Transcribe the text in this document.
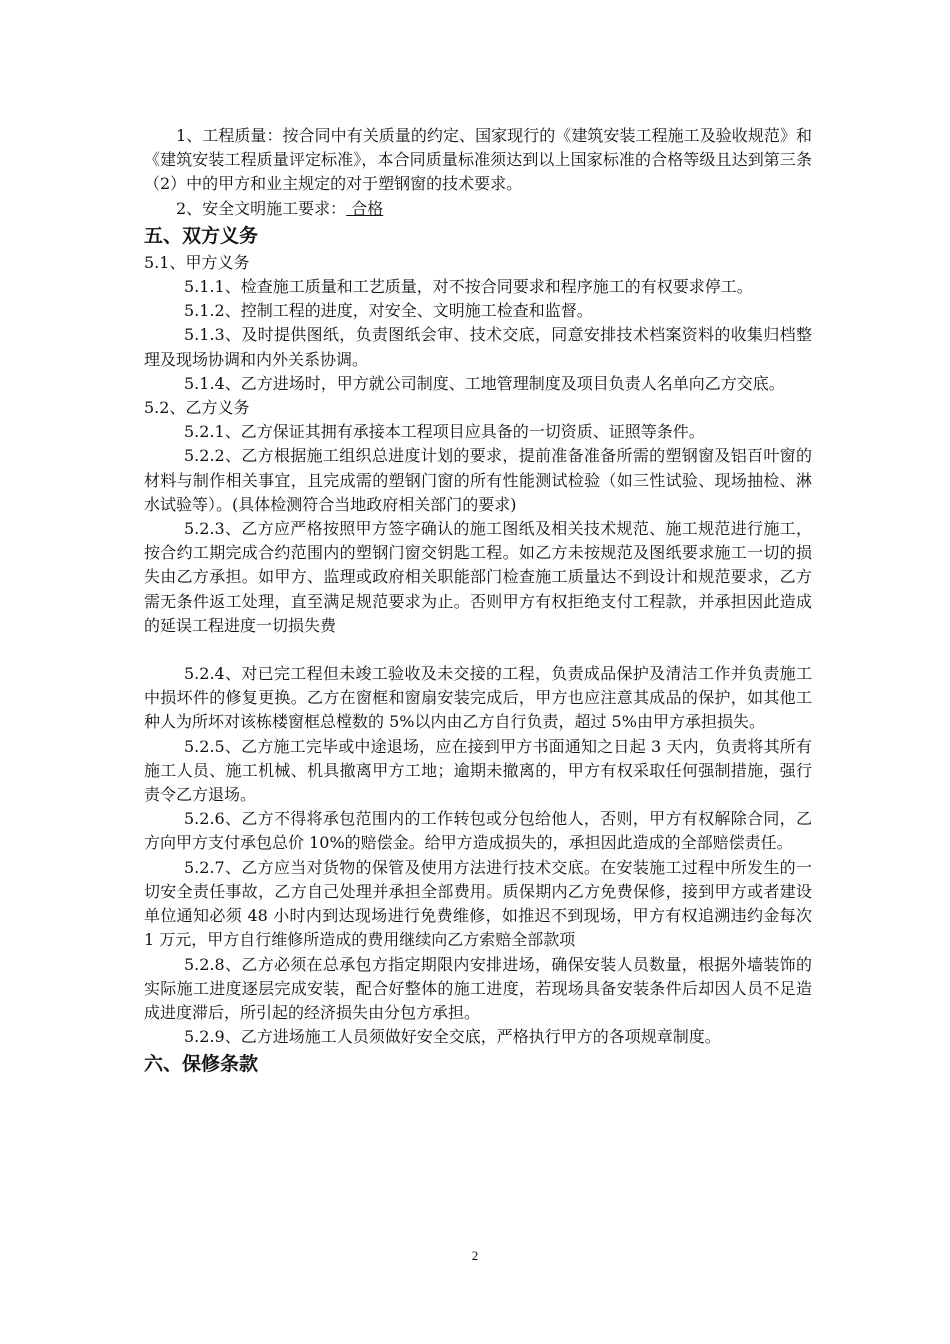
1、工程质量：按合同中有关质量的约定、国家现行的《建筑安装工程施工及验收规范》和《建筑安装工程质量评定标准》，本合同质量标准须达到以上国家标准的合格等级且达到第三条（2）中的甲方和业主规定的对于塑钢窗的技术要求。

2、安全文明施工要求： 合格

五、双方义务

5.1、甲方义务

5.1.1、检查施工质量和工艺质量，对不按合同要求和程序施工的有权要求停工。

5.1.2、控制工程的进度，对安全、文明施工检查和监督。

5.1.3、及时提供图纸，负责图纸会审、技术交底，同意安排技术档案资料的收集归档整理及现场协调和内外关系协调。

5.1.4、乙方进场时，甲方就公司制度、工地管理制度及项目负责人名单向乙方交底。

5.2、乙方义务

5.2.1、乙方保证其拥有承接本工程项目应具备的一切资质、证照等条件。

5.2.2、乙方根据施工组织总进度计划的要求，提前准备准备所需的塑钢窗及铝百叶窗的材料与制作相关事宜，且完成需的塑钢门窗的所有性能测试检验（如三性试验、现场抽检、淋水试验等）。(具体检测符合当地政府相关部门的要求)

5.2.3、乙方应严格按照甲方签字确认的施工图纸及相关技术规范、施工规范进行施工，按合约工期完成合约范围内的塑钢门窗交钥匙工程。如乙方未按规范及图纸要求施工一切的损失由乙方承担。如甲方、监理或政府相关职能部门检查施工质量达不到设计和规范要求，乙方需无条件返工处理，直至满足规范要求为止。否则甲方有权拒绝支付工程款，并承担因此造成的延误工程进度一切损失费

5.2.4、对已完工程但未竣工验收及未交接的工程，负责成品保护及清洁工作并负责施工中损坏件的修复更换。乙方在窗框和窗扇安装完成后，甲方也应注意其成品的保护，如其他工种人为所坏对该栋楼窗框总樘数的 5%以内由乙方自行负责，超过 5%由甲方承担损失。

5.2.5、乙方施工完毕或中途退场，应在接到甲方书面通知之日起 3 天内，负责将其所有施工人员、施工机械、机具撤离甲方工地；逾期未撤离的，甲方有权采取任何强制措施，强行责令乙方退场。

5.2.6、乙方不得将承包范围内的工作转包或分包给他人，否则，甲方有权解除合同，乙方向甲方支付承包总价 10%的赔偿金。给甲方造成损失的，承担因此造成的全部赔偿责任。

5.2.7、乙方应当对货物的保管及使用方法进行技术交底。在安装施工过程中所发生的一切安全责任事故，乙方自己处理并承担全部费用。质保期内乙方免费保修，接到甲方或者建设单位通知必须 48 小时内到达现场进行免费维修，如推迟不到现场，甲方有权追溯违约金每次 1 万元，甲方自行维修所造成的费用继续向乙方索赔全部款项

5.2.8、乙方必须在总承包方指定期限内安排进场，确保安装人员数量，根据外墙装饰的实际施工进度逐层完成安装，配合好整体的施工进度，若现场具备安装条件后却因人员不足造成进度滞后，所引起的经济损失由分包方承担。

5.2.9、乙方进场施工人员须做好安全交底，严格执行甲方的各项规章制度。

六、保修条款

2
